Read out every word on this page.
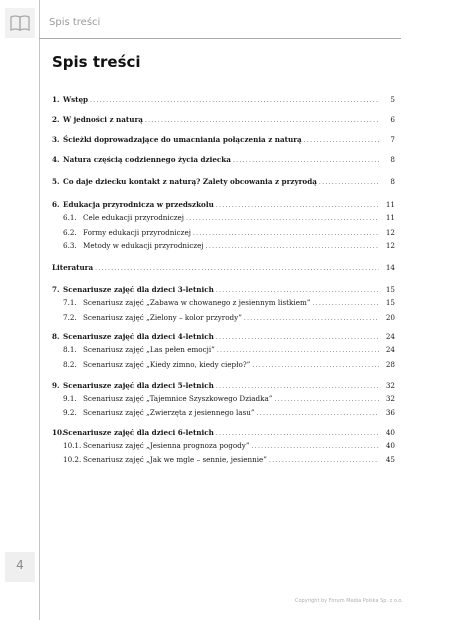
Spis treści
Spis treści
1. Wstęp . . .	5
2. W jedności z naturą . . .	6
3. Ścieżki doprowadzające do umacniania połączenia z naturą . . .	7
4. Natura częścią codziennego życia dziecka . . .	8
5. Co daje dziecku kontakt z naturą? Zalety obcowania z przyrodą . . .	8
6. Edukacja przyrodnicza w przedszkolu . . .	11
6.1. Cele edukacji przyrodniczej . . .	11
6.2. Formy edukacji przyrodniczej . . .	12
6.3. Metody w edukacji przyrodniczej . . .	12
Literatura . . .	14
7. Scenariusze zajęć dla dzieci 3-letnich . . .	15
7.1. Scenariusz zajęć „Zabawa w chowanego z jesiennym listkiem” . . .	15
7.2. Scenariusz zajęć „Zielony – kolor przyrody” . . .	20
8. Scenariusze zajęć dla dzieci 4-letnich . . .	24
8.1. Scenariusz zajęć „Las pełen emocji” . . .	24
8.2. Scenariusz zajęć „Kiedy zimno, kiedy ciepło?” . . .	28
9. Scenariusze zajęć dla dzieci 5-letnich . . .	32
9.1. Scenariusz zajęć „Tajemnice Szyszkowego Dziadka” . . .	32
9.2. Scenariusz zajęć „Zwierzęta z jesiennego lasu” . . .	36
10.
Scenariusze zajęć dla dzieci 6-letnich . . .	40
10.1. Scenariusz zajęć „Jesienna prognoza pogody” . . .	40
10.2. Scenariusz zajęć „Jak we mgle – sennie, jesiennie” . . .	45
4
Copyright by Forum Media Polska Sp. z o.o.
